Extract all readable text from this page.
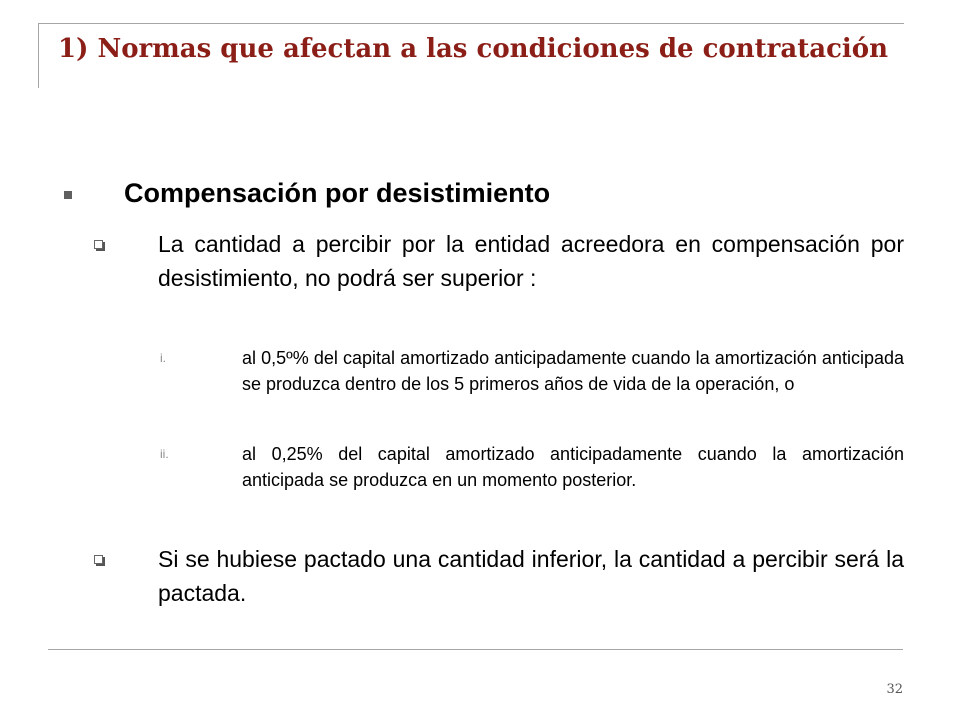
1) Normas que afectan a las condiciones de contratación
Compensación por desistimiento
La cantidad a percibir por la entidad acreedora en compensación por desistimiento, no podrá ser superior :
i.	al 0,5º% del capital amortizado anticipadamente cuando la amortización anticipada se produzca dentro de los 5 primeros años de vida de la operación, o
ii.	al 0,25% del capital amortizado anticipadamente cuando la amortización anticipada se produzca en un momento posterior.
Si se hubiese pactado una cantidad inferior, la cantidad a percibir será la pactada.
32
